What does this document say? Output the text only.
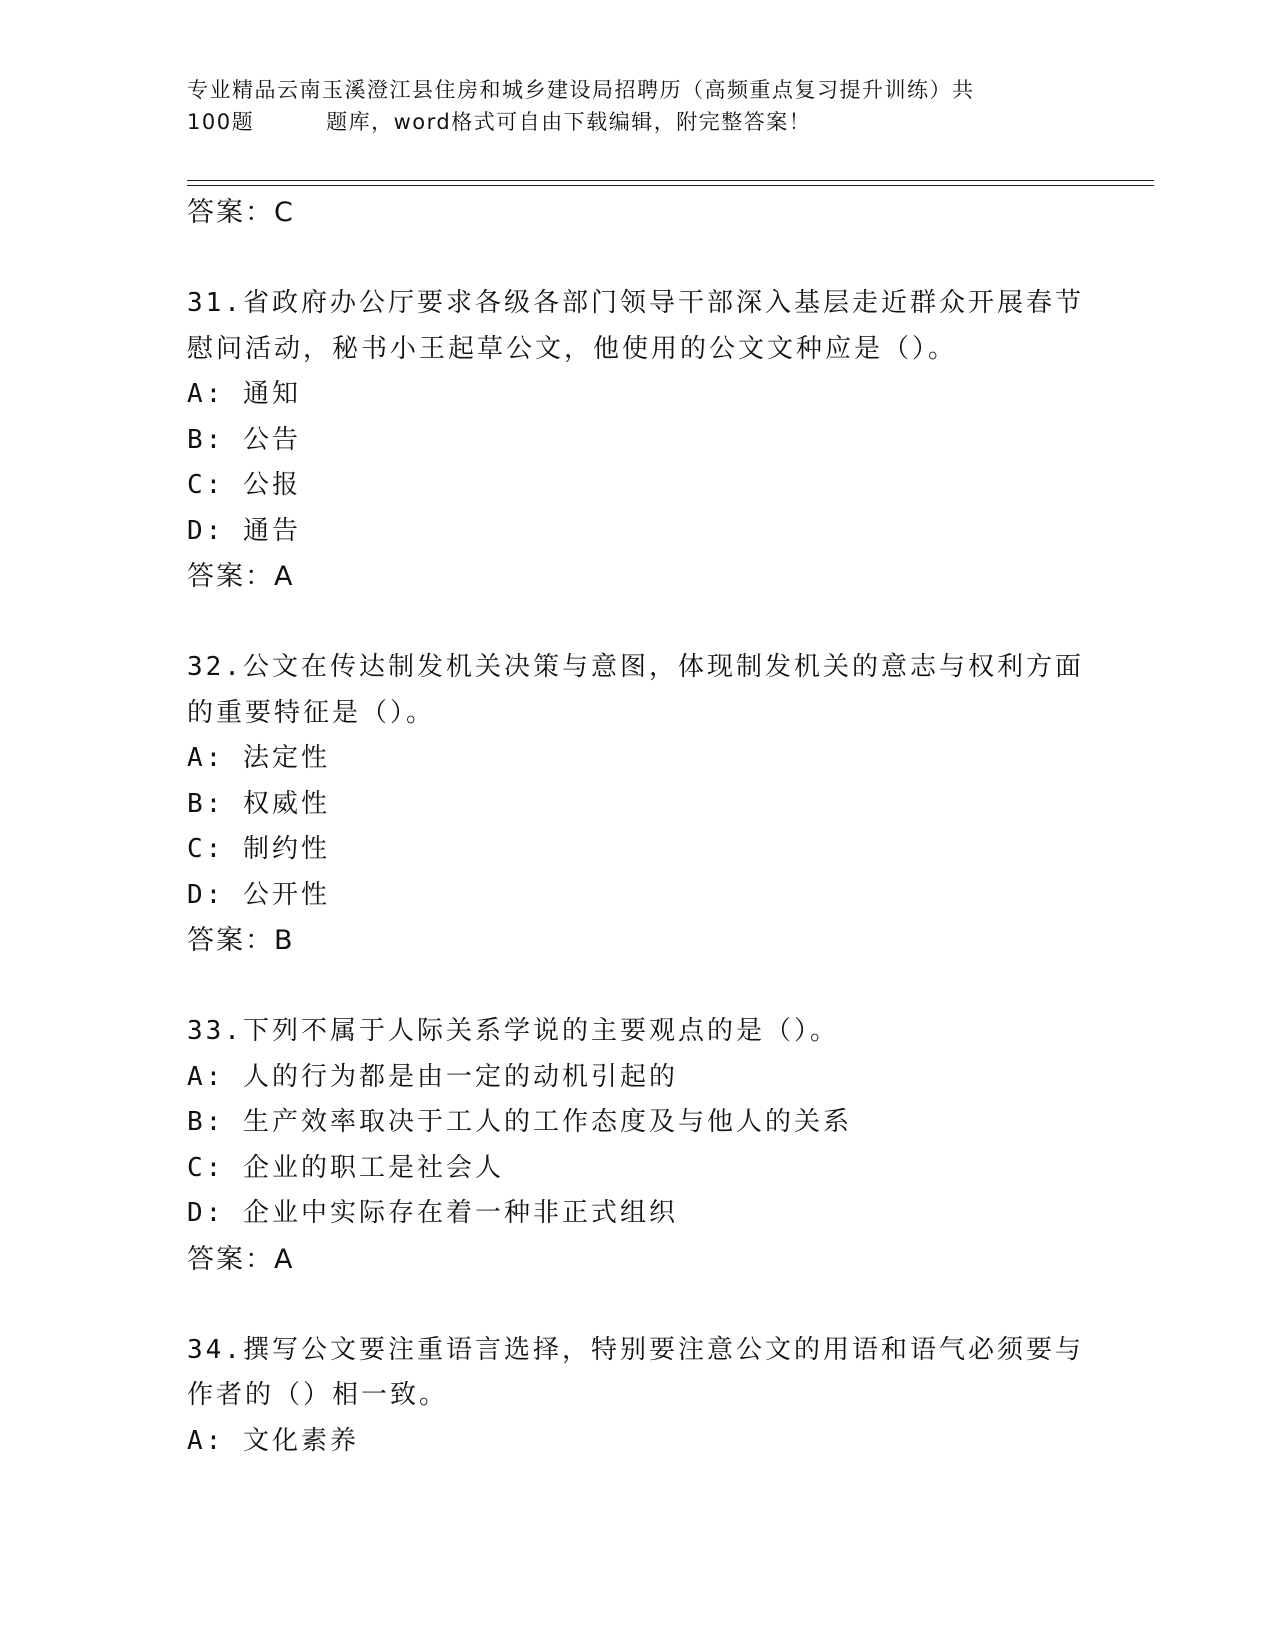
专业精品云南玉溪澄江县住房和城乡建设局招聘历（高频重点复习提升训练）共
100题	题库，word格式可自由下载编辑，附完整答案！
答案：C
31.省政府办公厅要求各级各部门领导干部深入基层走近群众开展春节
慰问活动，秘书小王起草公文，他使用的公文文种应是（）。
A: 通知
B: 公告
C: 公报
D: 通告
答案：A
32.公文在传达制发机关决策与意图，体现制发机关的意志与权利方面
的重要特征是（）。
A: 法定性
B: 权威性
C: 制约性
D: 公开性
答案：B
33.下列不属于人际关系学说的主要观点的是（）。
A: 人的行为都是由一定的动机引起的
B: 生产效率取决于工人的工作态度及与他人的关系
C: 企业的职工是社会人
D: 企业中实际存在着一种非正式组织
答案：A
34.撰写公文要注重语言选择，特别要注意公文的用语和语气必须要与
作者的（）相一致。
A: 文化素养
